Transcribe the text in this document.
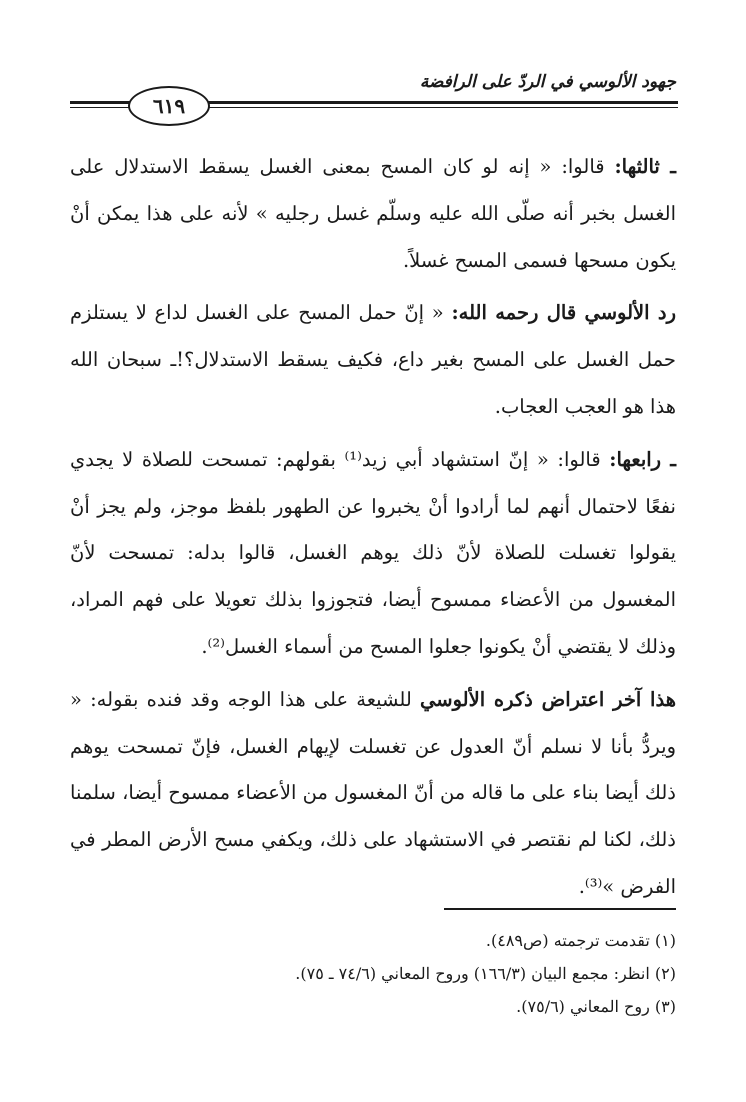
جهود الألوسي في الردّ على الرافضة
٦١٩

ـ ثالثها: قالوا: « إنه لو كان المسح بمعنى الغسل يسقط الاستدلال على الغسل بخبر أنه صلّى الله عليه وسلّم غسل رجليه » لأنه على هذا يمكن أنْ يكون مسحها فسمى المسح غسلاً.

رد الألوسي قال رحمه الله: « إنّ حمل المسح على الغسل لداع لا يستلزم حمل الغسل على المسح بغير داع، فكيف يسقط الاستدلال؟!ـ سبحان الله هذا هو العجب العجاب.

ـ رابعها: قالوا: « إنّ استشهاد أبي زيد⁽¹⁾ بقولهم: تمسحت للصلاة لا يجدي نفعًا لاحتمال أنهم لما أرادوا أنْ يخبروا عن الطهور بلفظ موجز، ولم يجز أنْ يقولوا تغسلت للصلاة لأنّ ذلك يوهم الغسل، قالوا بدله: تمسحت لأنّ المغسول من الأعضاء ممسوح أيضا، فتجوزوا بذلك تعويلا على فهم المراد، وذلك لا يقتضي أنْ يكونوا جعلوا المسح من أسماء الغسل⁽²⁾.

هذا آخر اعتراض ذكره الألوسي للشيعة على هذا الوجه وقد فنده بقوله: « ويردُّ بأنا لا نسلم أنّ العدول عن تغسلت لإيهام الغسل، فإنّ تمسحت يوهم ذلك أيضا بناء على ما قاله من أنّ المغسول من الأعضاء ممسوح أيضا، سلمنا ذلك، لكنا لم نقتصر في الاستشهاد على ذلك، ويكفي مسح الأرض المطر في الفرض »⁽³⁾.

(١) تقدمت ترجمته (ص٤٨٩).
(٢) انظر: مجمع البيان (١٦٦/٣) وروح المعاني (٧٤/٦ ـ ٧٥).
(٣) روح المعاني (٧٥/٦).
